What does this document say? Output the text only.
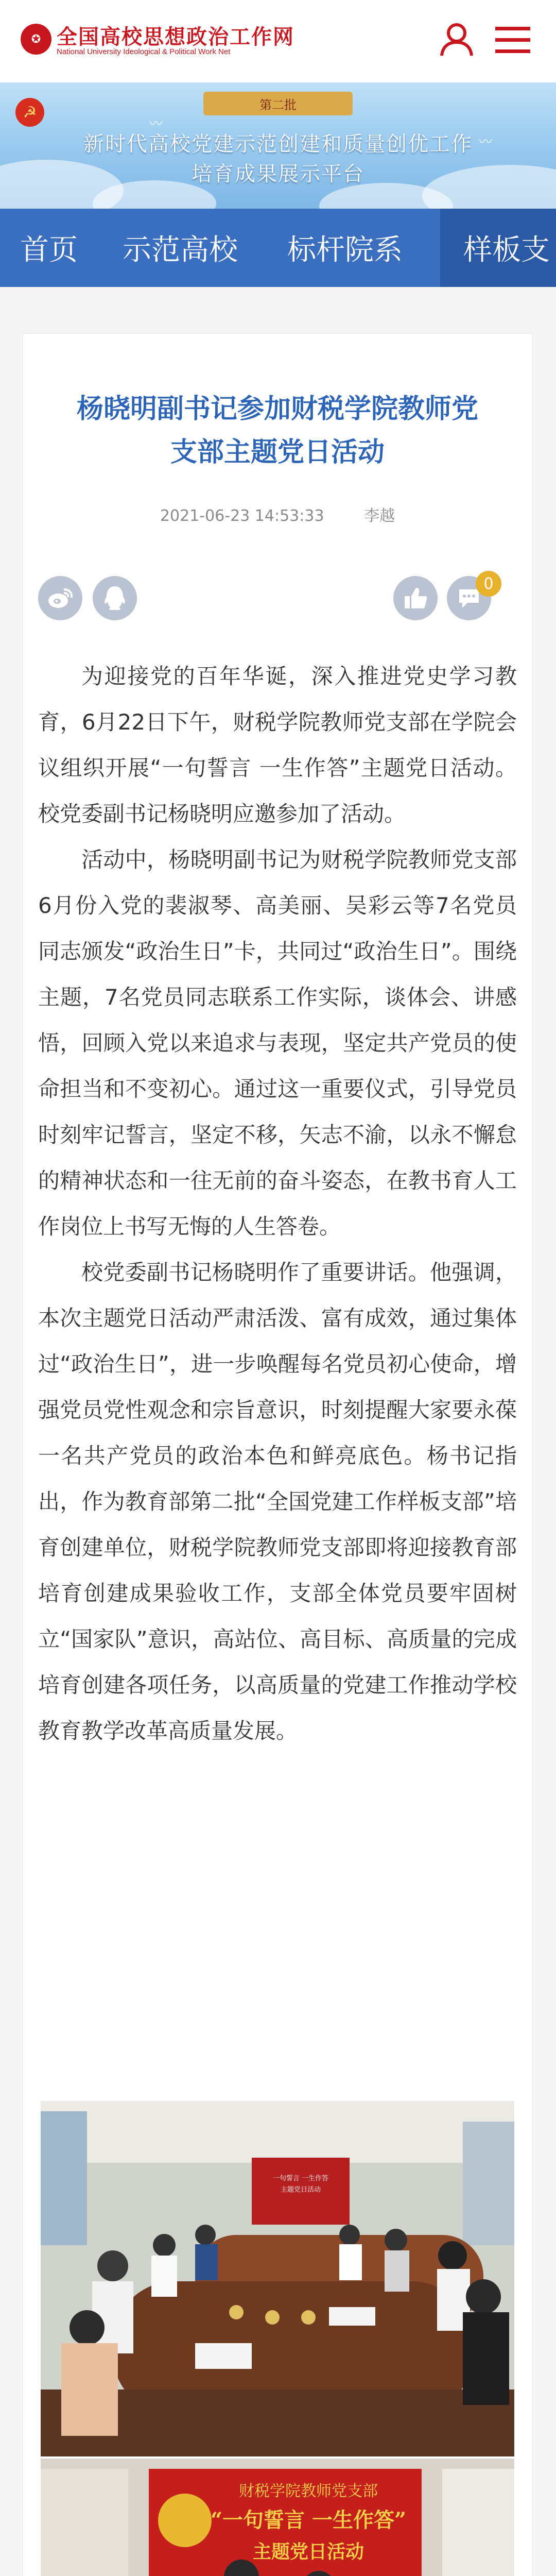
✪ 全国高校思想政治工作网
National University Ideological & Political Work Net
☭
〰
〰
第二批
新时代高校党建示范创建和质量创优工作
培育成果展示平台
首页	示范高校	标杆院系	样板支
杨晓明副书记参加财税学院教师党
支部主题党日活动
2021-06-23 14:53:33	李越
0

为迎接党的百年华诞，深入推进党史学习教育，6月22日下午，财税学院教师党支部在学院会议组织开展“一句誓言 一生作答”主题党日活动。校党委副书记杨晓明应邀参加了活动。

活动中，杨晓明副书记为财税学院教师党支部6月份入党的裴淑琴、高美丽、吴彩云等7名党员同志颁发“政治生日”卡，共同过“政治生日”。围绕主题，7名党员同志联系工作实际，谈体会、讲感悟，回顾入党以来追求与表现，坚定共产党员的使命担当和不变初心。通过这一重要仪式，引导党员时刻牢记誓言，坚定不移，矢志不渝，以永不懈怠的精神状态和一往无前的奋斗姿态，在教书育人工作岗位上书写无悔的人生答卷。

校党委副书记杨晓明作了重要讲话。他强调，本次主题党日活动严肃活泼、富有成效，通过集体过“政治生日”，进一步唤醒每名党员初心使命，增强党员党性观念和宗旨意识，时刻提醒大家要永葆一名共产党员的政治本色和鲜亮底色。杨书记指出，作为教育部第二批“全国党建工作样板支部”培育创建单位，财税学院教师党支部即将迎接教育部培育创建成果验收工作，支部全体党员要牢固树立“国家队”意识，高站位、高目标、高质量的完成培育创建各项任务，以高质量的党建工作推动学校教育教学改革高质量发展。

一句誓言 一生作答
主题党日活动
财税学院教师党支部
“一句誓言 一生作答”
主题党日活动
